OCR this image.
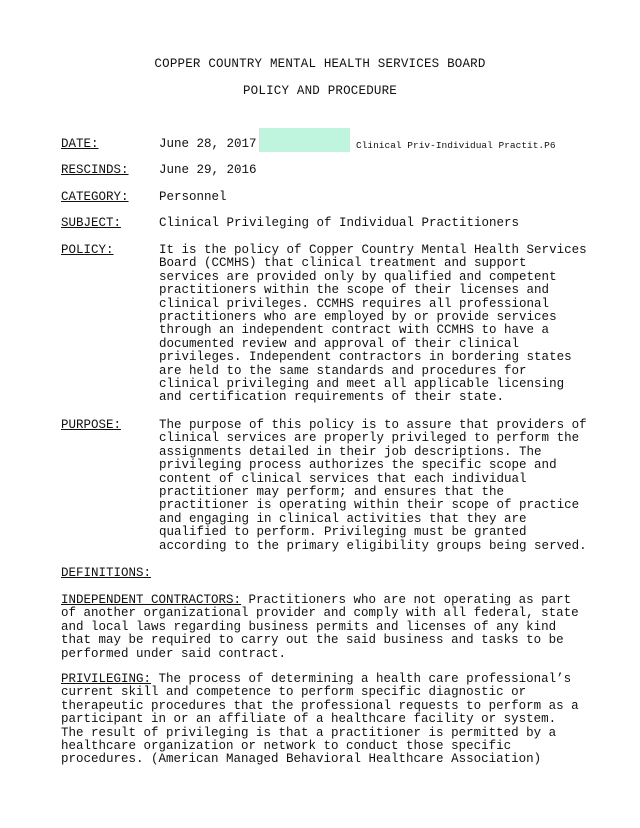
COPPER COUNTRY MENTAL HEALTH SERVICES BOARD
POLICY AND PROCEDURE
Clinical Priv-Individual Practit.P6
DATE:	June 28, 2017
RESCINDS: June 29, 2016
CATEGORY: Personnel
SUBJECT:	Clinical Privileging of Individual Practitioners
POLICY:	It is the policy of Copper Country Mental Health Services
Board (CCMHS) that clinical treatment and support
services are provided only by qualified and competent
practitioners within the scope of their licenses and
clinical privileges. CCMHS requires all professional
practitioners who are employed by or provide services
through an independent contract with CCMHS to have a
documented review and approval of their clinical
privileges. Independent contractors in bordering states
are held to the same standards and procedures for
clinical privileging and meet all applicable licensing
and certification requirements of their state.
PURPOSE:	The purpose of this policy is to assure that providers of
clinical services are properly privileged to perform the
assignments detailed in their job descriptions. The
privileging process authorizes the specific scope and
content of clinical services that each individual
practitioner may perform; and ensures that the
practitioner is operating within their scope of practice
and engaging in clinical activities that they are
qualified to perform. Privileging must be granted
according to the primary eligibility groups being served.
DEFINITIONS:
INDEPENDENT CONTRACTORS: Practitioners who are not operating as part
of another organizational provider and comply with all federal, state
and local laws regarding business permits and licenses of any kind
that may be required to carry out the said business and tasks to be
performed under said contract.
PRIVILEGING: The process of determining a health care professional’s
current skill and competence to perform specific diagnostic or
therapeutic procedures that the professional requests to perform as a
participant in or an affiliate of a healthcare facility or system.
The result of privileging is that a practitioner is permitted by a
healthcare organization or network to conduct those specific
procedures. (American Managed Behavioral Healthcare Association)
